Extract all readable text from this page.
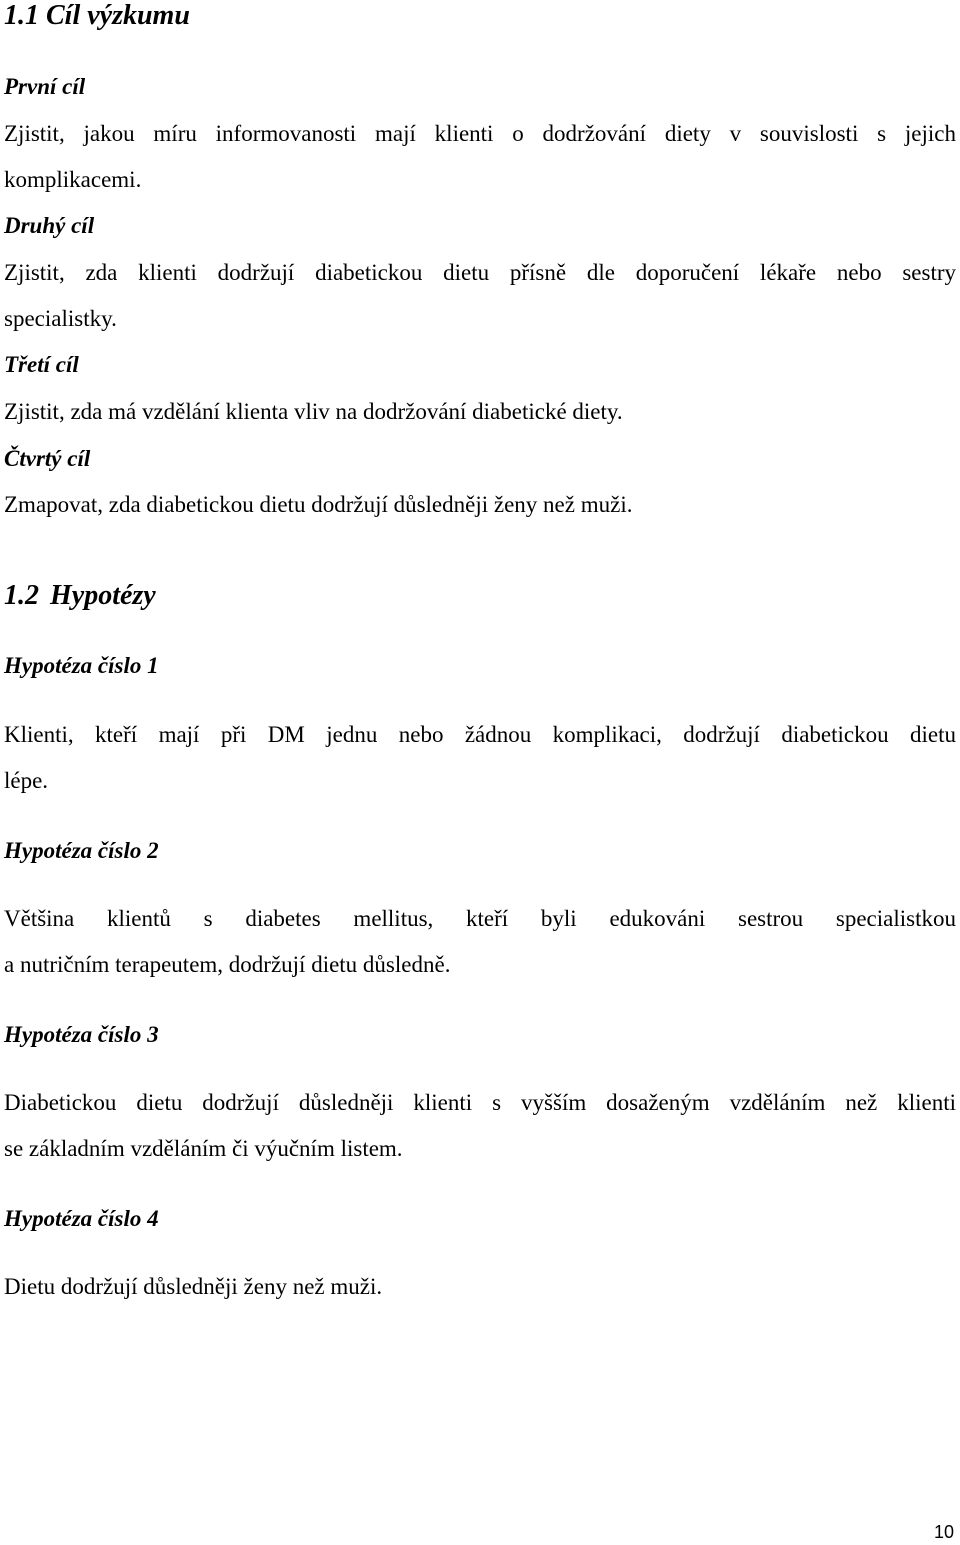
1.1 Cíl výzkumu

První cíl

Zjistit, jakou míru informovanosti mají klienti o dodržování diety v souvislosti s jejich

komplikacemi.

Druhý cíl

Zjistit, zda klienti dodržují diabetickou dietu přísně dle doporučení lékaře nebo sestry

specialistky.

Třetí cíl

Zjistit, zda má vzdělání klienta vliv na dodržování diabetické diety.

Čtvrtý cíl

Zmapovat, zda diabetickou dietu dodržují důsledněji ženy než muži.

1.2 Hypotézy

Hypotéza číslo 1

Klienti, kteří mají při DM jednu nebo žádnou komplikaci, dodržují diabetickou dietu

lépe.

Hypotéza číslo 2

Většina klientů s diabetes mellitus, kteří byli edukováni sestrou specialistkou

a nutričním terapeutem, dodržují dietu důsledně.

Hypotéza číslo 3

Diabetickou dietu dodržují důsledněji klienti s vyšším dosaženým vzděláním než klienti

se základním vzděláním či výučním listem.

Hypotéza číslo 4

Dietu dodržují důsledněji ženy než muži.

10
